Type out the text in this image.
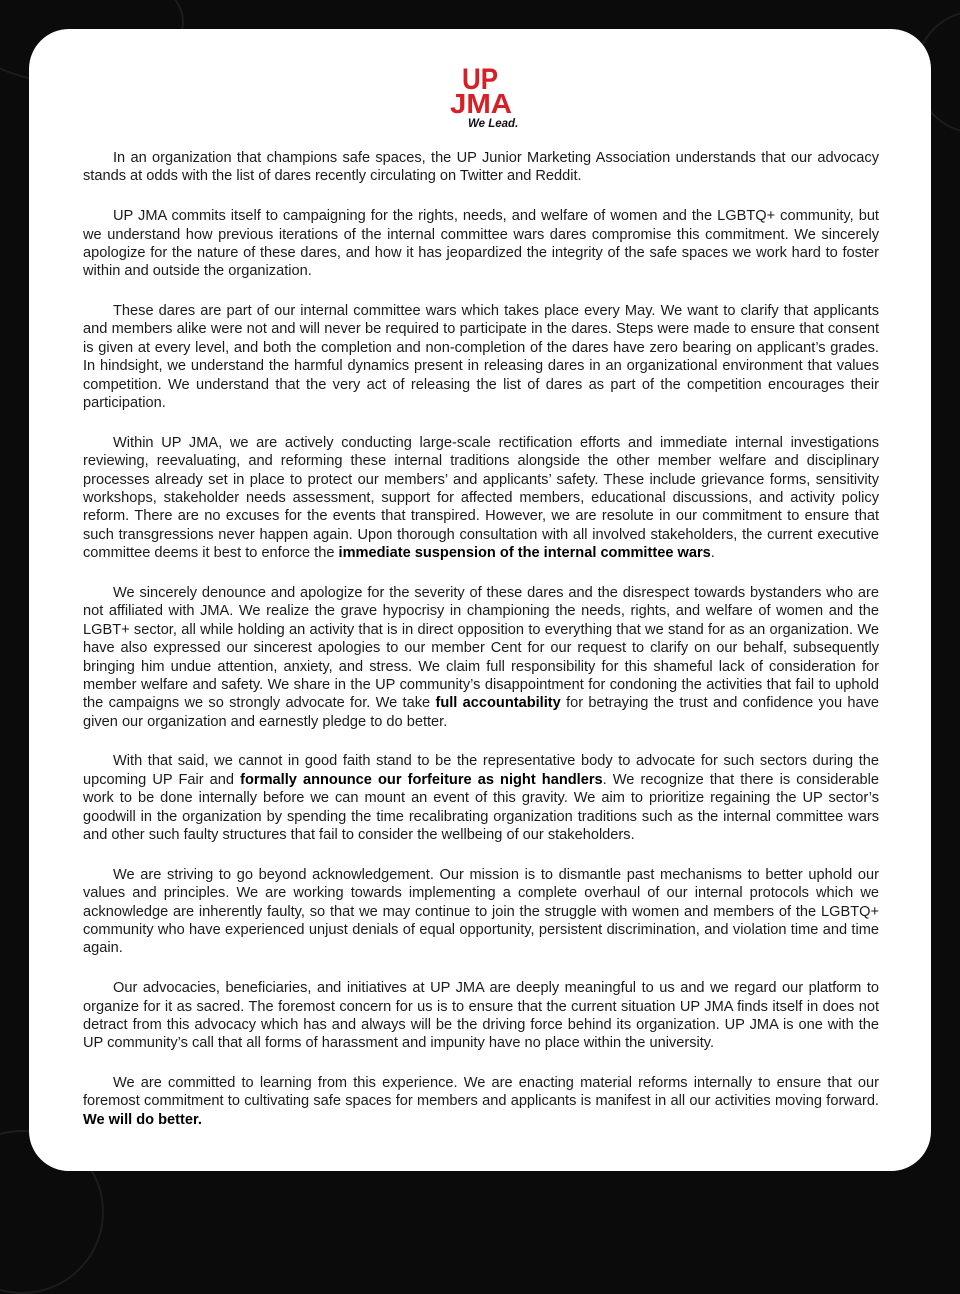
UP
JMA
We Lead.

In an organization that champions safe spaces, the UP Junior Marketing Association understands that our advocacy stands at odds with the list of dares recently circulating on Twitter and Reddit.

UP JMA commits itself to campaigning for the rights, needs, and welfare of women and the LGBTQ+ community, but we understand how previous iterations of the internal committee wars dares compromise this commitment. We sincerely apologize for the nature of these dares, and how it has jeopardized the integrity of the safe spaces we work hard to foster within and outside the organization.

These dares are part of our internal committee wars which takes place every May. We want to clarify that applicants and members alike were not and will never be required to participate in the dares. Steps were made to ensure that consent is given at every level, and both the completion and non-completion of the dares have zero bearing on applicant’s grades. In hindsight, we understand the harmful dynamics present in releasing dares in an organizational environment that values competition. We understand that the very act of releasing the list of dares as part of the competition encourages their participation.

Within UP JMA, we are actively conducting large-scale rectification efforts and immediate internal investigations reviewing, reevaluating, and reforming these internal traditions alongside the other member welfare and disciplinary processes already set in place to protect our members’ and applicants’ safety. These include grievance forms, sensitivity workshops, stakeholder needs assessment, support for affected members, educational discussions, and activity policy reform. There are no excuses for the events that transpired. However, we are resolute in our commitment to ensure that such transgressions never happen again. Upon thorough consultation with all involved stakeholders, the current executive committee deems it best to enforce the immediate suspension of the internal committee wars.

We sincerely denounce and apologize for the severity of these dares and the disrespect towards bystanders who are not affiliated with JMA. We realize the grave hypocrisy in championing the needs, rights, and welfare of women and the LGBT+ sector, all while holding an activity that is in direct opposition to everything that we stand for as an organization. We have also expressed our sincerest apologies to our member Cent for our request to clarify on our behalf, subsequently bringing him undue attention, anxiety, and stress. We claim full responsibility for this shameful lack of consideration for member welfare and safety. We share in the UP community’s disappointment for condoning the activities that fail to uphold the campaigns we so strongly advocate for. We take full accountability for betraying the trust and confidence you have given our organization and earnestly pledge to do better.

With that said, we cannot in good faith stand to be the representative body to advocate for such sectors during the upcoming UP Fair and formally announce our forfeiture as night handlers. We recognize that there is considerable work to be done internally before we can mount an event of this gravity. We aim to prioritize regaining the UP sector’s goodwill in the organization by spending the time recalibrating organization traditions such as the internal committee wars and other such faulty structures that fail to consider the wellbeing of our stakeholders.

We are striving to go beyond acknowledgement. Our mission is to dismantle past mechanisms to better uphold our values and principles. We are working towards implementing a complete overhaul of our internal protocols which we acknowledge are inherently faulty, so that we may continue to join the struggle with women and members of the LGBTQ+ community who have experienced unjust denials of equal opportunity, persistent discrimination, and violation time and time again.

Our advocacies, beneficiaries, and initiatives at UP JMA are deeply meaningful to us and we regard our platform to organize for it as sacred. The foremost concern for us is to ensure that the current situation UP JMA finds itself in does not detract from this advocacy which has and always will be the driving force behind its organization. UP JMA is one with the UP community’s call that all forms of harassment and impunity have no place within the university.

We are committed to learning from this experience. We are enacting material reforms internally to ensure that our foremost commitment to cultivating safe spaces for members and applicants is manifest in all our activities moving forward. We will do better.
